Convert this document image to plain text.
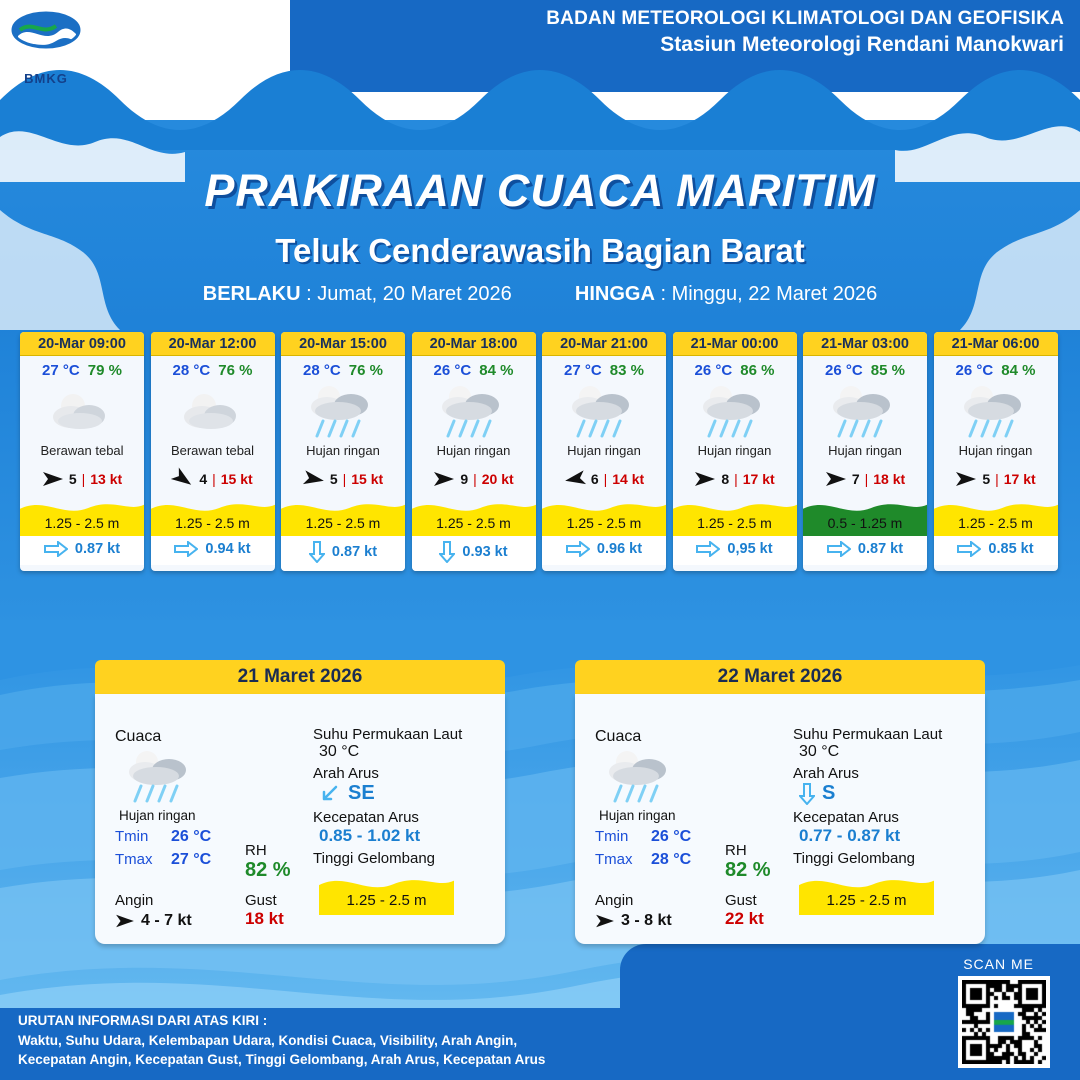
BMKG
BADAN METEOROLOGI KLIMATOLOGI DAN GEOFISIKA
Stasiun Meteorologi Rendani Manokwari
PRAKIRAAN CUACA MARITIM
Teluk Cenderawasih Bagian Barat
BERLAKU : Jumat, 20 Maret 2026	HINGGA : Minggu, 22 Maret 2026
20-Mar 09:00
27 °C 79 %
Berawan tebal
5 | 13 kt
1.25 - 2.5 m
0.87 kt
20-Mar 12:00
28 °C 76 %
Berawan tebal
4 | 15 kt
1.25 - 2.5 m
0.94 kt
20-Mar 15:00
28 °C 76 %
Hujan ringan
5 | 15 kt
1.25 - 2.5 m
0.87 kt
20-Mar 18:00
26 °C 84 %
Hujan ringan
9 | 20 kt
1.25 - 2.5 m
0.93 kt
20-Mar 21:00
27 °C 83 %
Hujan ringan
6 | 14 kt
1.25 - 2.5 m
0.96 kt
21-Mar 00:00
26 °C 86 %
Hujan ringan
8 | 17 kt
1.25 - 2.5 m
0,95 kt
21-Mar 03:00
26 °C 85 %
Hujan ringan
7 | 18 kt
0.5 - 1.25 m
0.87 kt
21-Mar 06:00
26 °C 84 %
Hujan ringan
5 | 17 kt
1.25 - 2.5 m
0.85 kt
21 Maret 2026
Cuaca
Hujan ringan
Tmin	26 °C
Tmax	27 °C
RH
82 %
Angin
4 - 7 kt
Gust
18 kt
Suhu Permukaan Laut
30 °C
Arah Arus
SE
Kecepatan Arus
0.85 - 1.02 kt
Tinggi Gelombang
1.25 - 2.5 m
22 Maret 2026
Cuaca
Hujan ringan
Tmin	26 °C
Tmax	28 °C
RH
82 %
Angin
3 - 8 kt
Gust
22 kt
Suhu Permukaan Laut
30 °C
Arah Arus
S
Kecepatan Arus
0.77 - 0.87 kt
Tinggi Gelombang
1.25 - 2.5 m
URUTAN INFORMASI DARI ATAS KIRI :
Waktu, Suhu Udara, Kelembapan Udara, Kondisi Cuaca, Visibility, Arah Angin,
Kecepatan Angin, Kecepatan Gust, Tinggi Gelombang, Arah Arus, Kecepatan Arus
SCAN ME
